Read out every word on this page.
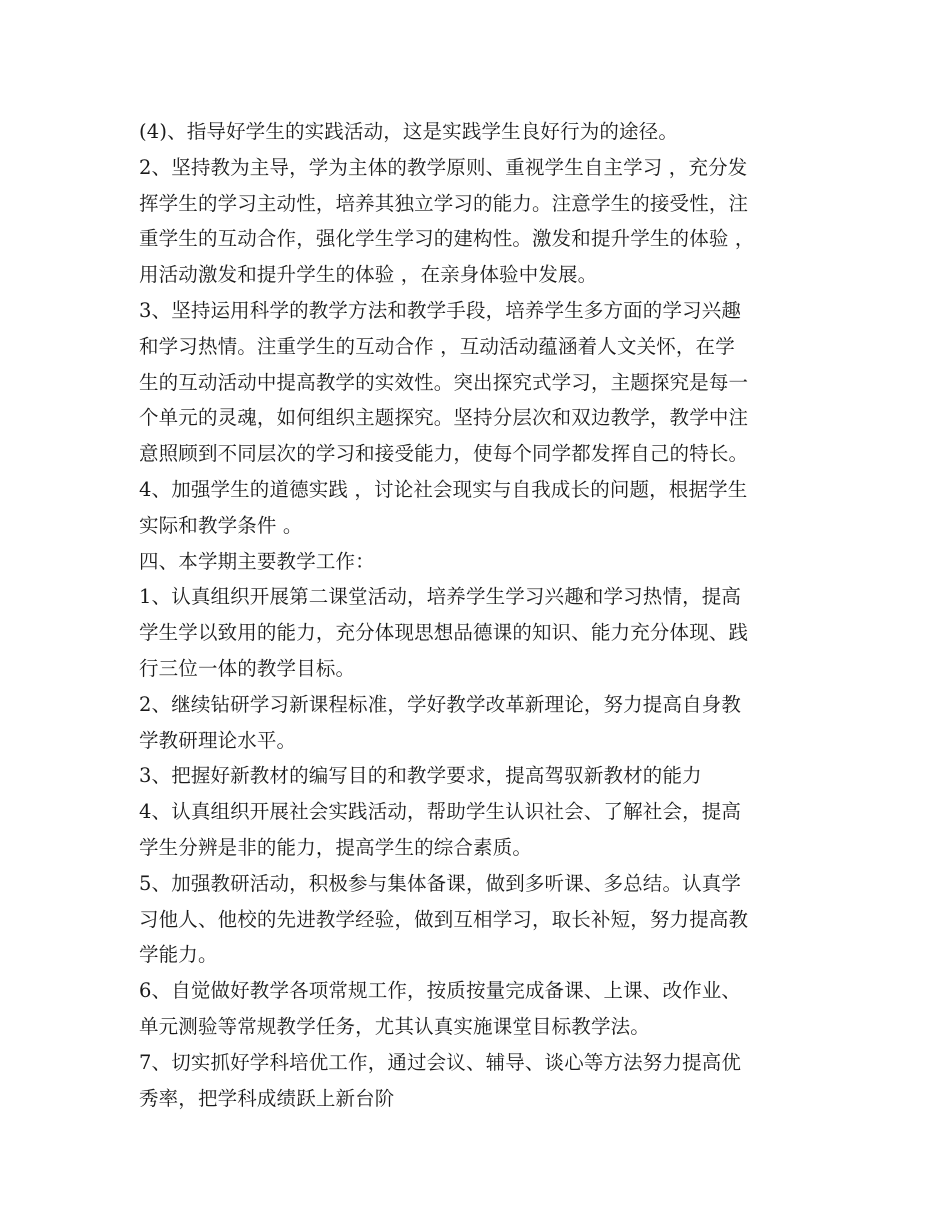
(4)、指导好学生的实践活动，这是实践学生良好行为的途径。
2、坚持教为主导，学为主体的教学原则、重视学生自主学习 ，充分发
挥学生的学习主动性，培养其独立学习的能力。注意学生的接受性，注
重学生的互动合作，强化学生学习的建构性。激发和提升学生的体验 ，
用活动激发和提升学生的体验 ，在亲身体验中发展。
3、坚持运用科学的教学方法和教学手段，培养学生多方面的学习兴趣
和学习热情。注重学生的互动合作 ，互动活动蕴涵着人文关怀，在学
生的互动活动中提高教学的实效性。突出探究式学习，主题探究是每一
个单元的灵魂，如何组织主题探究。坚持分层次和双边教学，教学中注
意照顾到不同层次的学习和接受能力，使每个同学都发挥自己的特长。
4、加强学生的道德实践 ，讨论社会现实与自我成长的问题，根据学生
实际和教学条件 。
四、本学期主要教学工作：
1、认真组织开展第二课堂活动，培养学生学习兴趣和学习热情，提高
学生学以致用的能力，充分体现思想品德课的知识、能力充分体现、践
行三位一体的教学目标。
2、继续钻研学习新课程标准，学好教学改革新理论，努力提高自身教
学教研理论水平。
3、把握好新教材的编写目的和教学要求，提高驾驭新教材的能力
4、认真组织开展社会实践活动，帮助学生认识社会、了解社会，提高
学生分辨是非的能力，提高学生的综合素质。
5、加强教研活动，积极参与集体备课，做到多听课、多总结。认真学
习他人、他校的先进教学经验，做到互相学习，取长补短，努力提高教
学能力。
6、自觉做好教学各项常规工作，按质按量完成备课、上课、改作业、
单元测验等常规教学任务，尤其认真实施课堂目标教学法。
7、切实抓好学科培优工作，通过会议、辅导、谈心等方法努力提高优
秀率，把学科成绩跃上新台阶
